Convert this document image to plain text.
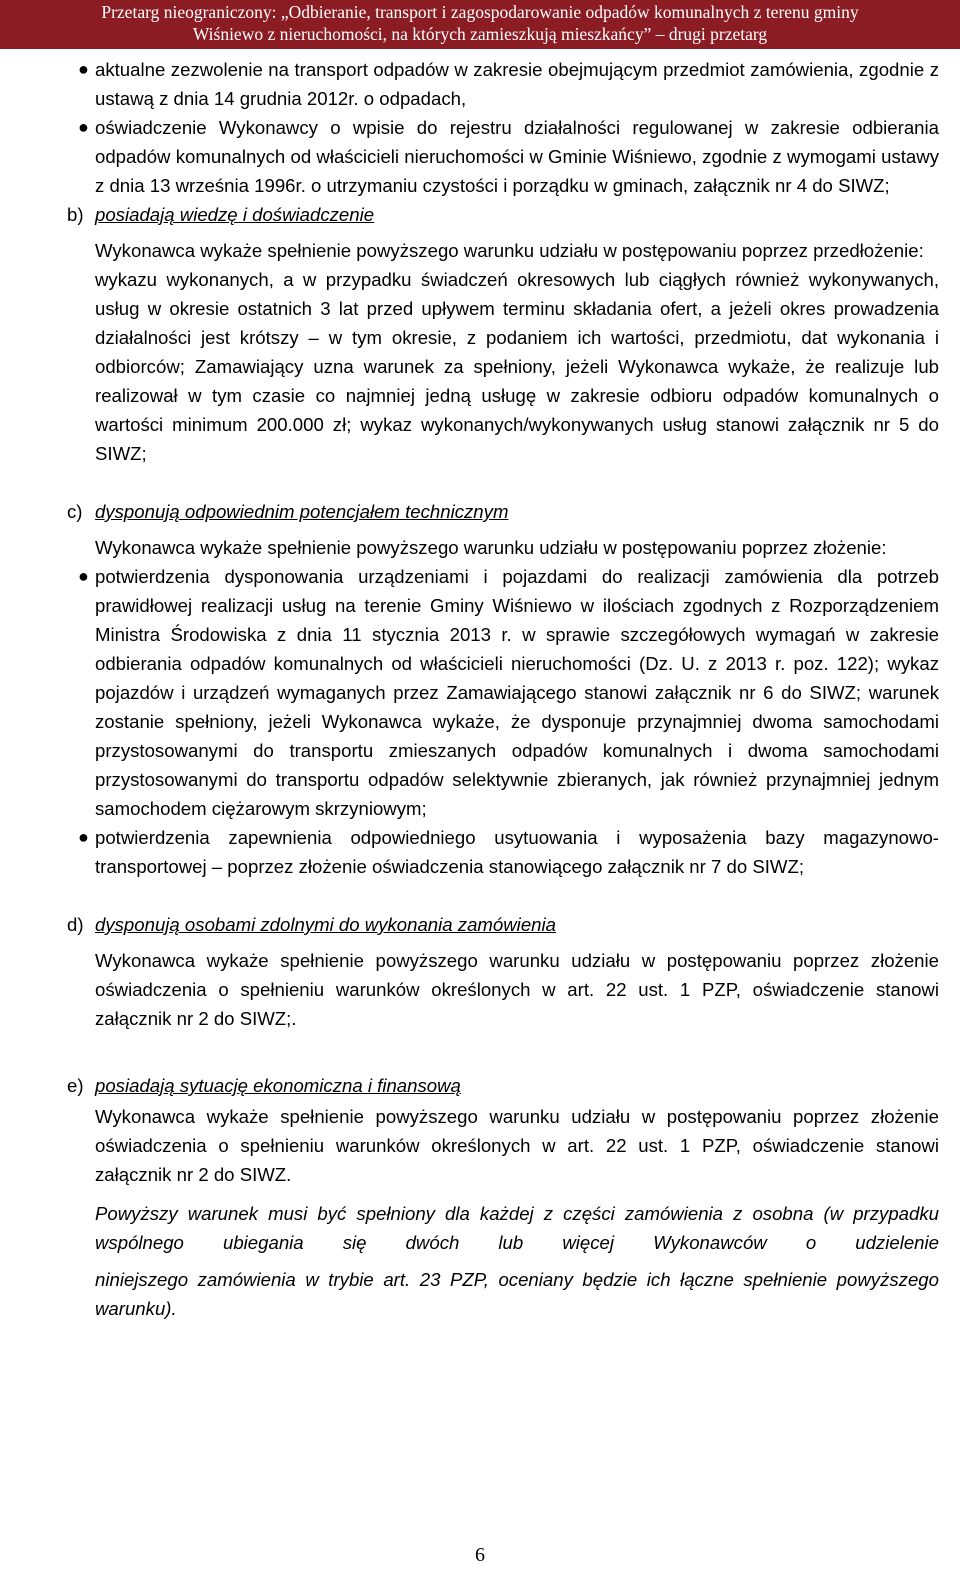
Przetarg nieograniczony: „Odbieranie, transport i zagospodarowanie odpadów komunalnych z terenu gminy
Wiśniewo z nieruchomości, na których zamieszkują mieszkańcy” – drugi przetarg

● aktualne zezwolenie na transport odpadów w zakresie obejmującym przedmiot zamówienia, zgodnie z ustawą z dnia 14 grudnia 2012r. o odpadach,

● oświadczenie Wykonawcy o wpisie do rejestru działalności regulowanej w zakresie odbierania odpadów komunalnych od właścicieli nieruchomości w Gminie Wiśniewo, zgodnie z wymogami ustawy z dnia 13 września 1996r. o utrzymaniu czystości i porządku w gminach, załącznik nr 4 do SIWZ;

b) posiadają wiedzę i doświadczenie

Wykonawca wykaże spełnienie powyższego warunku udziału w postępowaniu poprzez przedłożenie:

wykazu wykonanych, a w przypadku świadczeń okresowych lub ciągłych również wykonywanych, usług w okresie ostatnich 3 lat przed upływem terminu składania ofert, a jeżeli okres prowadzenia działalności jest krótszy – w tym okresie, z podaniem ich wartości, przedmiotu, dat wykonania i odbiorców; Zamawiający uzna warunek za spełniony, jeżeli Wykonawca wykaże, że realizuje lub realizował w tym czasie co najmniej jedną usługę w zakresie odbioru odpadów komunalnych o wartości minimum 200.000 zł; wykaz wykonanych/wykonywanych usług stanowi załącznik nr 5 do SIWZ;

c) dysponują odpowiednim potencjałem technicznym

Wykonawca wykaże spełnienie powyższego warunku udziału w postępowaniu poprzez złożenie:

● potwierdzenia dysponowania urządzeniami i pojazdami do realizacji zamówienia dla potrzeb prawidłowej realizacji usług na terenie Gminy Wiśniewo w ilościach zgodnych z Rozporządzeniem Ministra Środowiska z dnia 11 stycznia 2013 r. w sprawie szczegółowych wymagań w zakresie odbierania odpadów komunalnych od właścicieli nieruchomości (Dz. U. z 2013 r. poz. 122); wykaz pojazdów i urządzeń wymaganych przez Zamawiającego stanowi załącznik nr 6 do SIWZ; warunek zostanie spełniony, jeżeli Wykonawca wykaże, że dysponuje przynajmniej dwoma samochodami przystosowanymi do transportu zmieszanych odpadów komunalnych i dwoma samochodami przystosowanymi do transportu odpadów selektywnie zbieranych, jak również przynajmniej jednym samochodem ciężarowym skrzyniowym;

● potwierdzenia zapewnienia odpowiedniego usytuowania i wyposażenia bazy magazynowo-transportowej – poprzez złożenie oświadczenia stanowiącego załącznik nr 7 do SIWZ;

d) dysponują osobami zdolnymi do wykonania zamówienia

Wykonawca wykaże spełnienie powyższego warunku udziału w postępowaniu poprzez złożenie oświadczenia o spełnieniu warunków określonych w art. 22 ust. 1 PZP, oświadczenie stanowi załącznik nr 2 do SIWZ;.

e) posiadają sytuację ekonomiczna i finansową

Wykonawca wykaże spełnienie powyższego warunku udziału w postępowaniu poprzez złożenie oświadczenia o spełnieniu warunków określonych w art. 22 ust. 1 PZP, oświadczenie stanowi załącznik nr 2 do SIWZ.

Powyższy warunek musi być spełniony dla każdej z części zamówienia z osobna (w przypadku wspólnego ubiegania się dwóch lub więcej Wykonawców o udzielenie

niniejszego zamówienia w trybie art. 23 PZP, oceniany będzie ich łączne spełnienie powyższego warunku).

6
